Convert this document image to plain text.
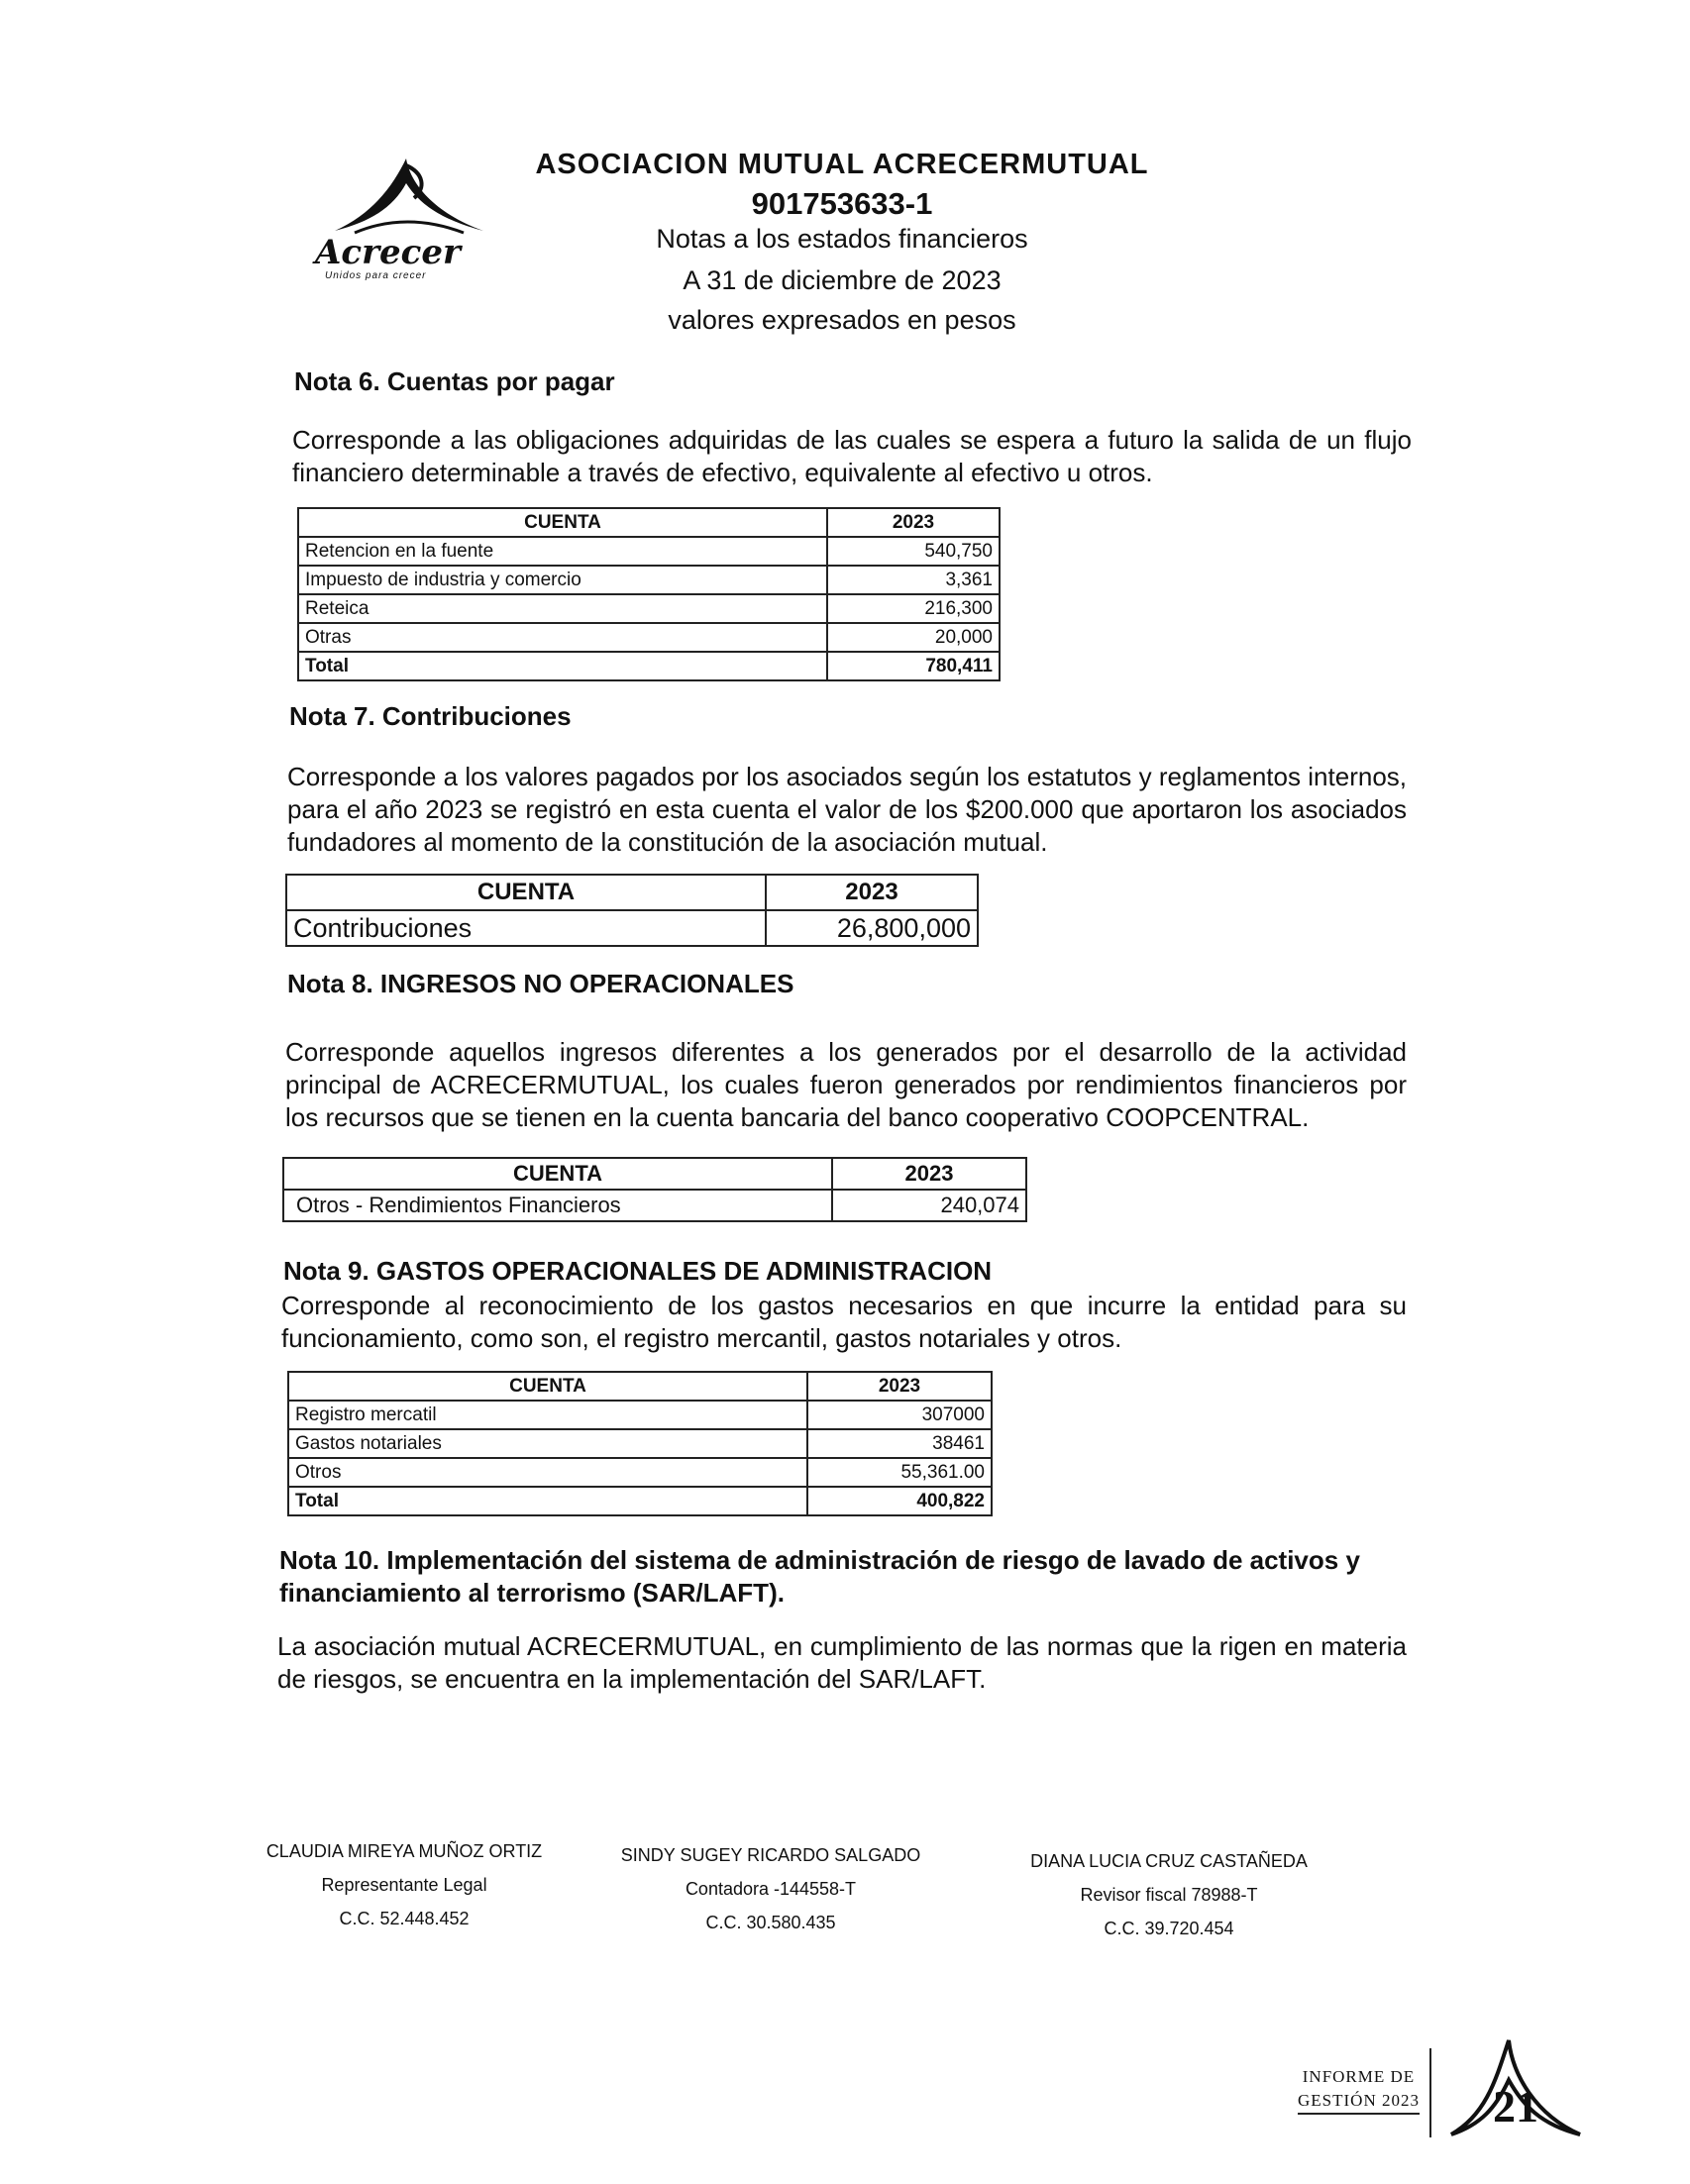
Acrecer
Unidos para crecer
ASOCIACION MUTUAL ACRECERMUTUAL
901753633-1
Notas a los estados financieros
A 31 de diciembre de 2023
valores expresados en pesos
Nota 6. Cuentas por pagar

Corresponde a las obligaciones adquiridas de las cuales se espera a futuro la salida de un flujo financiero determinable a través de efectivo, equivalente al efectivo u otros.

CUENTA	2023
Retencion en la fuente	540,750
Impuesto de industria y comercio	3,361
Reteica	216,300
Otras	20,000
Total	780,411
Nota 7. Contribuciones

Corresponde a los valores pagados por los asociados según los estatutos y reglamentos internos, para el año 2023 se registró en esta cuenta el valor de los $200.000 que aportaron los asociados fundadores al momento de la constitución de la asociación mutual.

CUENTA	2023
Contribuciones	26,800,000
Nota 8. INGRESOS NO OPERACIONALES

Corresponde aquellos ingresos diferentes a los generados por el desarrollo de la actividad principal de ACRECERMUTUAL, los cuales fueron generados por rendimientos financieros por los recursos que se tienen en la cuenta bancaria del banco cooperativo COOPCENTRAL.

CUENTA	2023
Otros - Rendimientos Financieros	240,074
Nota 9. GASTOS OPERACIONALES DE ADMINISTRACION

Corresponde al reconocimiento de los gastos necesarios en que incurre la entidad para su funcionamiento, como son, el registro mercantil, gastos notariales y otros.

CUENTA	2023
Registro mercatil	307000
Gastos notariales	38461
Otros	55,361.00
Total	400,822
Nota 10. Implementación del sistema de administración de riesgo de lavado de activos y
financiamiento al terrorismo (SAR/LAFT).

La asociación mutual ACRECERMUTUAL, en cumplimiento de las normas que la rigen en materia de riesgos, se encuentra en la implementación del SAR/LAFT.

CLAUDIA MIREYA MUÑOZ ORTIZ
Representante Legal
C.C. 52.448.452
SINDY SUGEY RICARDO SALGADO
Contadora -144558-T
C.C. 30.580.435
DIANA LUCIA CRUZ CASTAÑEDA
Revisor fiscal 78988-T
C.C. 39.720.454
INFORME DE
GESTIÓN 2023 21
